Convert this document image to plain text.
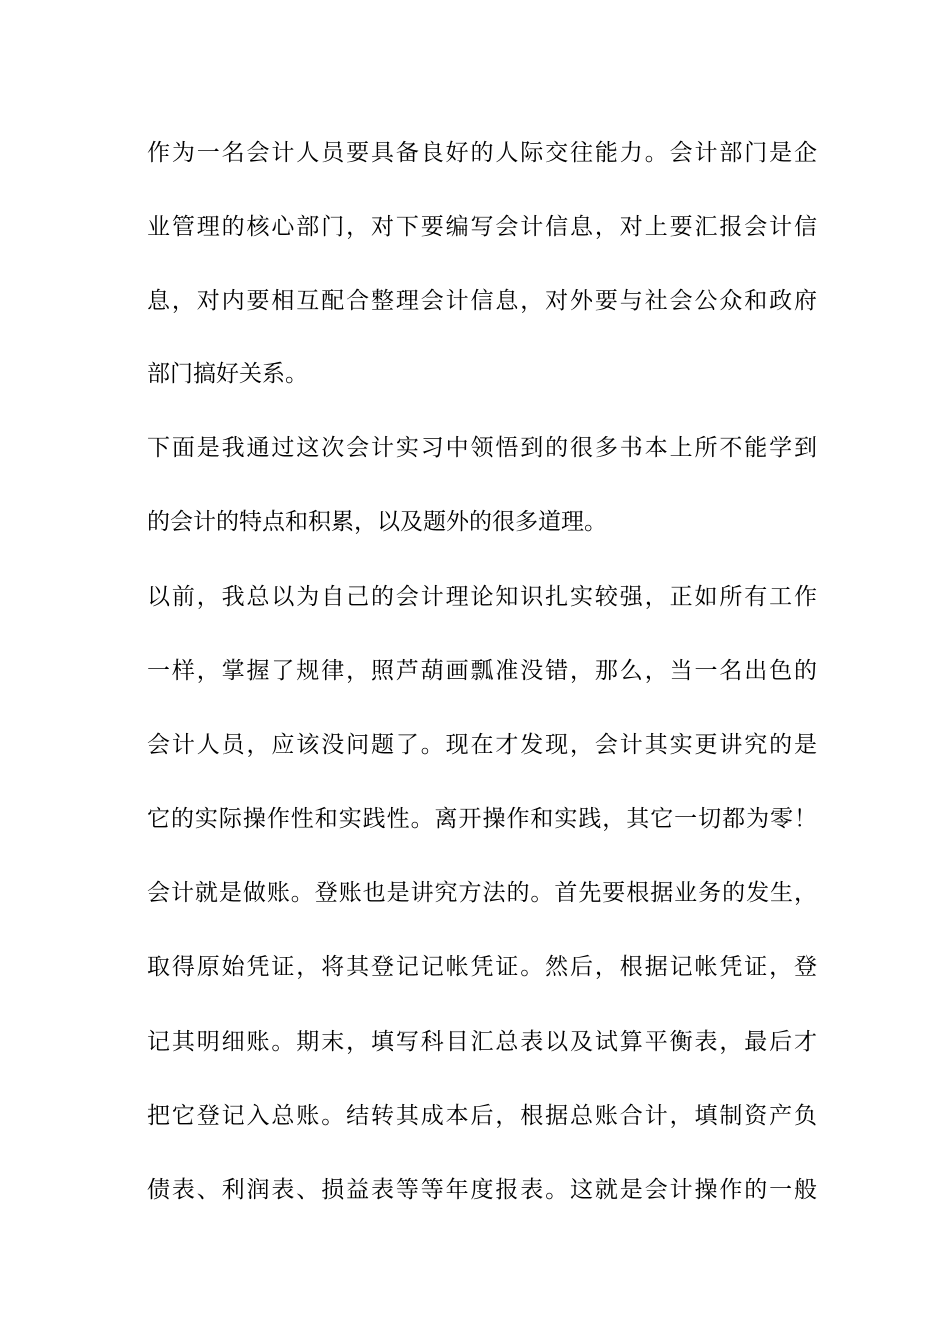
作为一名会计人员要具备良好的人际交往能力。会计部门是企
业管理的核心部门，对下要编写会计信息，对上要汇报会计信
息，对内要相互配合整理会计信息，对外要与社会公众和政府
部门搞好关系。
下面是我通过这次会计实习中领悟到的很多书本上所不能学到
的会计的特点和积累，以及题外的很多道理。
以前，我总以为自己的会计理论知识扎实较强，正如所有工作
一样，掌握了规律，照芦葫画瓢准没错，那么，当一名出色的
会计人员，应该没问题了。现在才发现，会计其实更讲究的是
它的实际操作性和实践性。离开操作和实践，其它一切都为零！
会计就是做账。登账也是讲究方法的。首先要根据业务的发生，
取得原始凭证，将其登记记帐凭证。然后，根据记帐凭证，登
记其明细账。期末，填写科目汇总表以及试算平衡表，最后才
把它登记入总账。结转其成本后，根据总账合计，填制资产负
债表、利润表、损益表等等年度报表。这就是会计操作的一般
